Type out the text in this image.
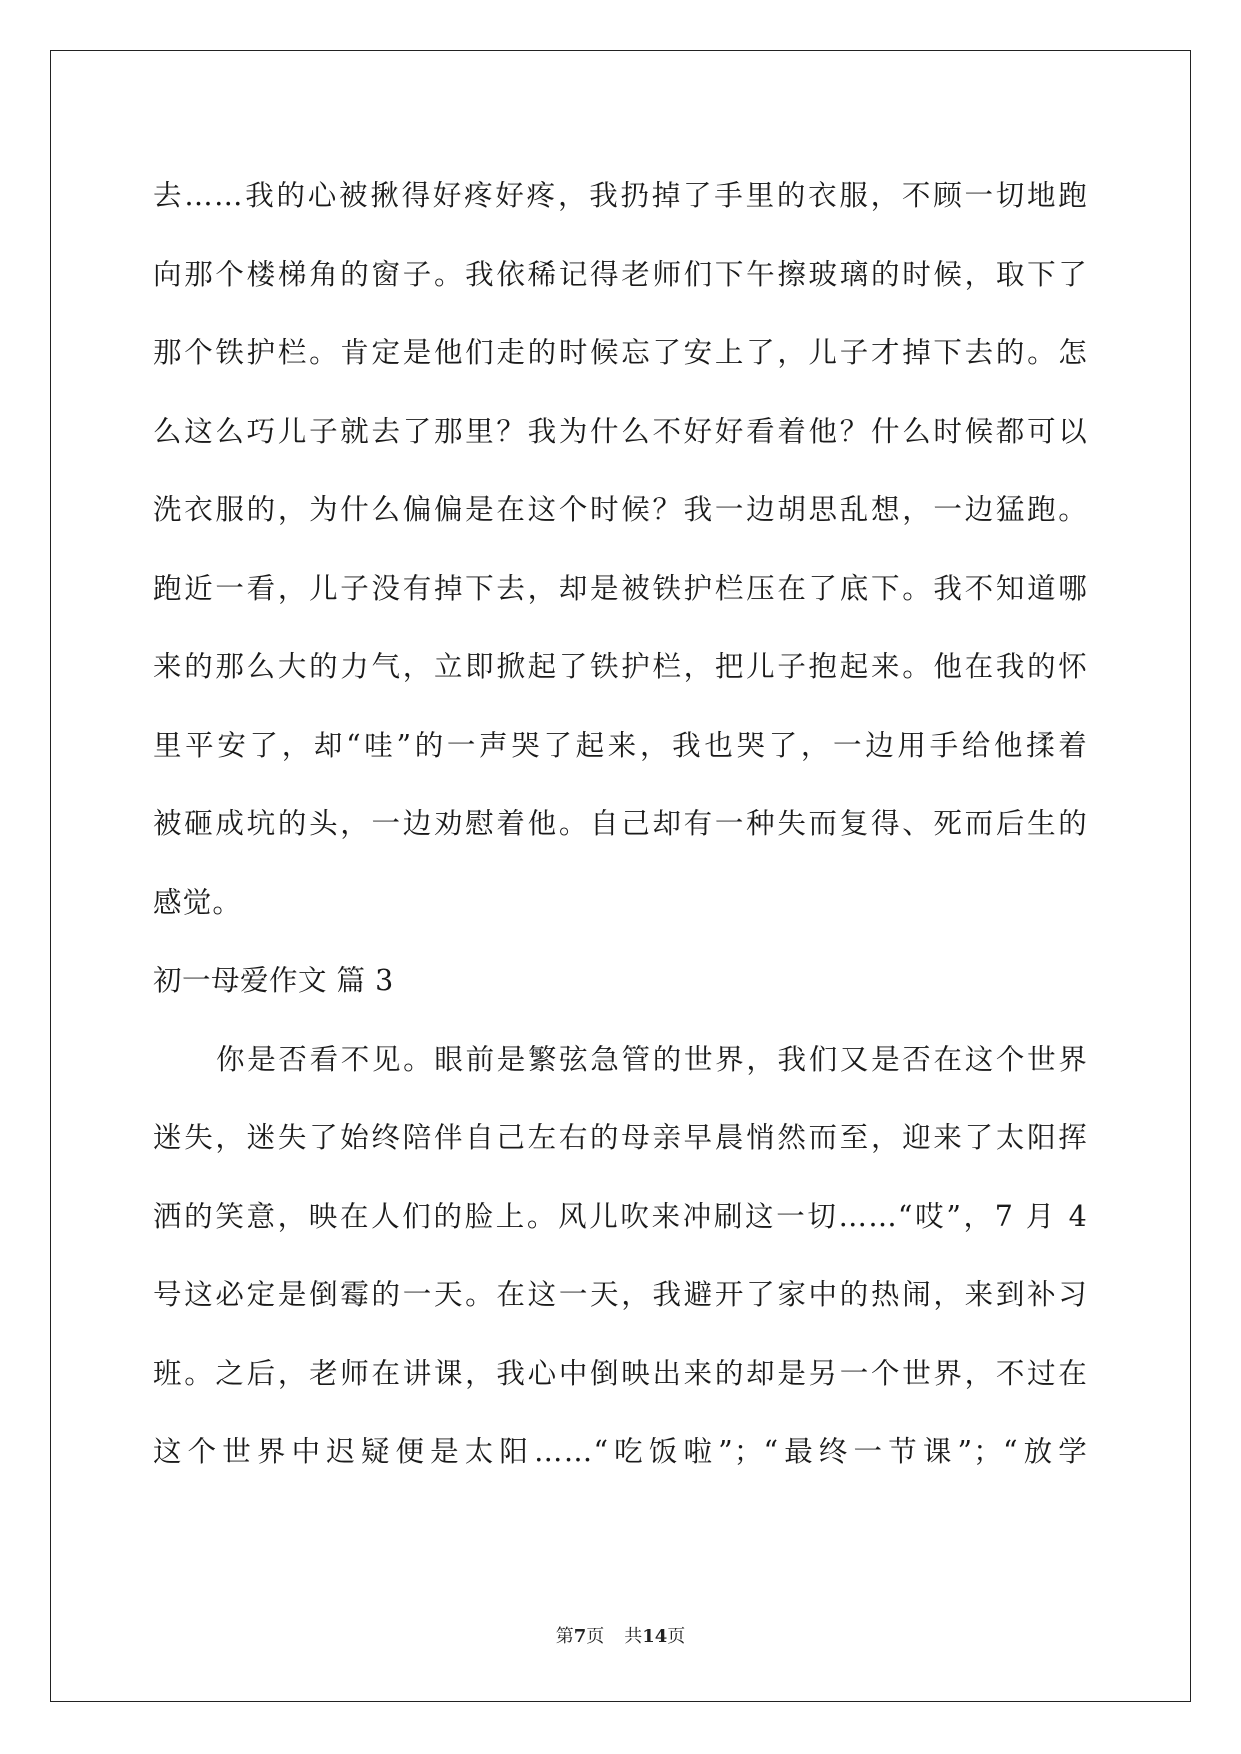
去……我的心被揪得好疼好疼，我扔掉了手里的衣服，不顾一切地跑
向那个楼梯角的窗子。我依稀记得老师们下午擦玻璃的时候，取下了
那个铁护栏。肯定是他们走的时候忘了安上了，儿子才掉下去的。怎
么这么巧儿子就去了那里？我为什么不好好看着他？什么时候都可以
洗衣服的，为什么偏偏是在这个时候？我一边胡思乱想，一边猛跑。
跑近一看，儿子没有掉下去，却是被铁护栏压在了底下。我不知道哪
来的那么大的力气，立即掀起了铁护栏，把儿子抱起来。他在我的怀
里平安了，却“哇”的一声哭了起来，我也哭了，一边用手给他揉着
被砸成坑的头，一边劝慰着他。自己却有一种失而复得、死而后生的
感觉。
初一母爱作文 篇 3
你是否看不见。眼前是繁弦急管的世界，我们又是否在这个世界
迷失，迷失了始终陪伴自己左右的母亲早晨悄然而至，迎来了太阳挥
洒的笑意，映在人们的脸上。风儿吹来冲刷这一切……“哎”，7 月 4
号这必定是倒霉的一天。在这一天，我避开了家中的热闹，来到补习
班。之后，老师在讲课，我心中倒映出来的却是另一个世界，不过在
这个世界中迟疑便是太阳……“吃饭啦”；“最终一节课”；“放学
第7页 共14页
